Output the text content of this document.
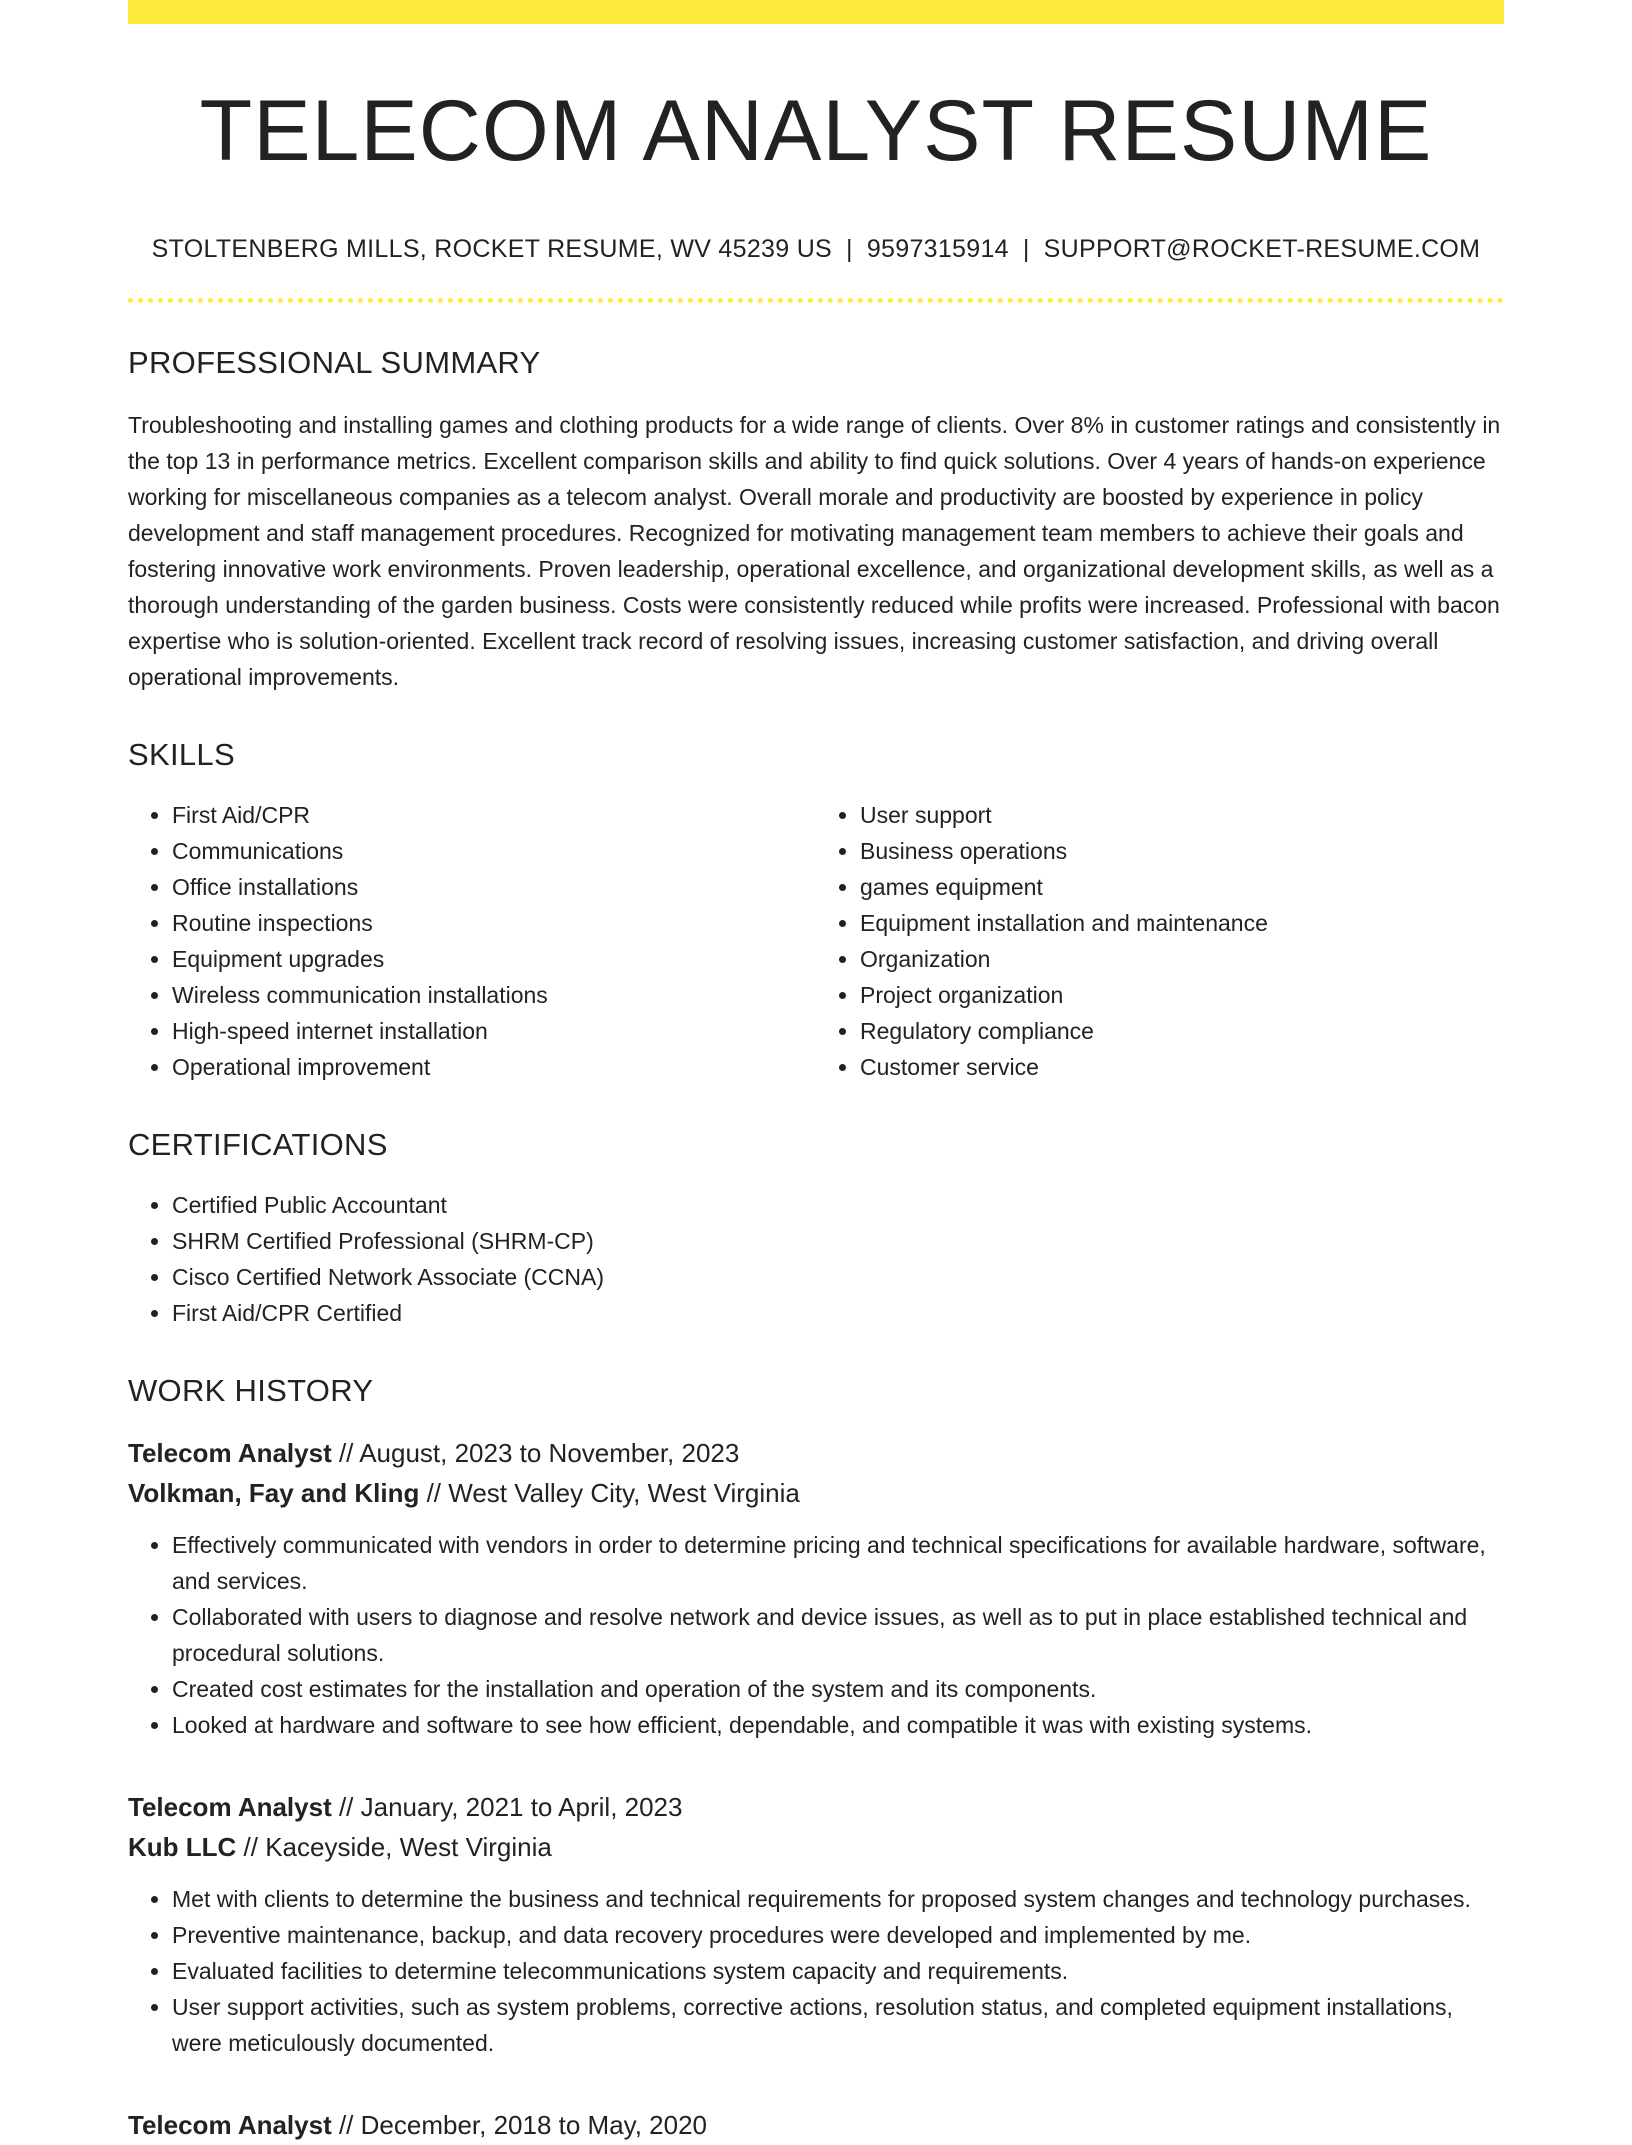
TELECOM ANALYST RESUME
STOLTENBERG MILLS, ROCKET RESUME, WV 45239 US | 9597315914 | SUPPORT@ROCKET-RESUME.COM
PROFESSIONAL SUMMARY
Troubleshooting and installing games and clothing products for a wide range of clients. Over 8% in customer ratings and consistently in the top 13 in performance metrics. Excellent comparison skills and ability to find quick solutions. Over 4 years of hands-on experience working for miscellaneous companies as a telecom analyst. Overall morale and productivity are boosted by experience in policy development and staff management procedures. Recognized for motivating management team members to achieve their goals and fostering innovative work environments. Proven leadership, operational excellence, and organizational development skills, as well as a thorough understanding of the garden business. Costs were consistently reduced while profits were increased. Professional with bacon expertise who is solution-oriented. Excellent track record of resolving issues, increasing customer satisfaction, and driving overall operational improvements.
SKILLS
• First Aid/CPR
• Communications
• Office installations
• Routine inspections
• Equipment upgrades
• Wireless communication installations
• High-speed internet installation
• Operational improvement
• User support
• Business operations
• games equipment
• Equipment installation and maintenance
• Organization
• Project organization
• Regulatory compliance
• Customer service
CERTIFICATIONS
• Certified Public Accountant
• SHRM Certified Professional (SHRM-CP)
• Cisco Certified Network Associate (CCNA)
• First Aid/CPR Certified
WORK HISTORY
Telecom Analyst // August, 2023 to November, 2023
Volkman, Fay and Kling // West Valley City, West Virginia
• Effectively communicated with vendors in order to determine pricing and technical specifications for available hardware, software, and services.
• Collaborated with users to diagnose and resolve network and device issues, as well as to put in place established technical and procedural solutions.
• Created cost estimates for the installation and operation of the system and its components.
• Looked at hardware and software to see how efficient, dependable, and compatible it was with existing systems.
Telecom Analyst // January, 2021 to April, 2023
Kub LLC // Kaceyside, West Virginia
• Met with clients to determine the business and technical requirements for proposed system changes and technology purchases.
• Preventive maintenance, backup, and data recovery procedures were developed and implemented by me.
• Evaluated facilities to determine telecommunications system capacity and requirements.
• User support activities, such as system problems, corrective actions, resolution status, and completed equipment installations, were meticulously documented.
Telecom Analyst // December, 2018 to May, 2020
